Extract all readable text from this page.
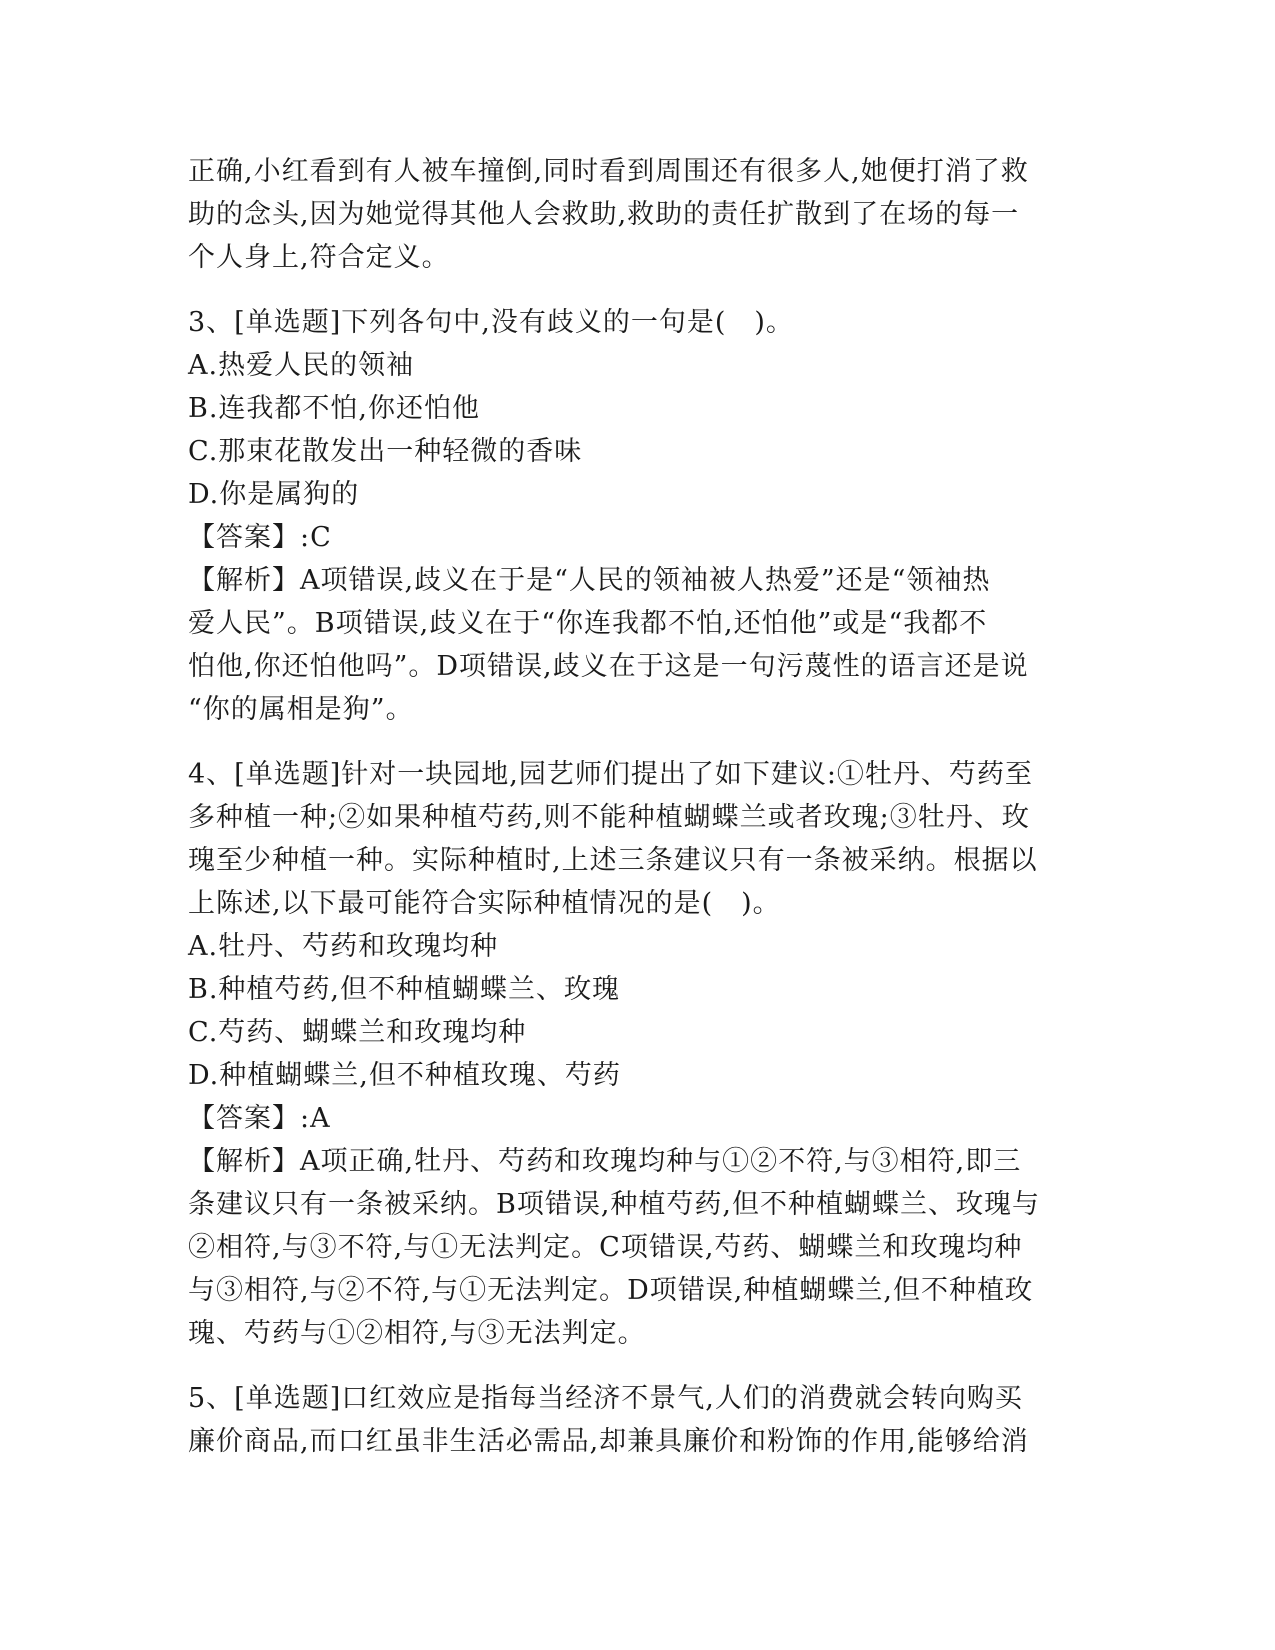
正确,小红看到有人被车撞倒,同时看到周围还有很多人,她便打消了救
助的念头,因为她觉得其他人会救助,救助的责任扩散到了在场的每一
个人身上,符合定义。

3、[单选题]下列各句中,没有歧义的一句是(　)。
A.热爱人民的领袖
B.连我都不怕,你还怕他
C.那束花散发出一种轻微的香味
D.你是属狗的
【答案】:C
【解析】A项错误,歧义在于是“人民的领袖被人热爱”还是“领袖热
爱人民”。B项错误,歧义在于“你连我都不怕,还怕他”或是“我都不
怕他,你还怕他吗”。D项错误,歧义在于这是一句污蔑性的语言还是说
“你的属相是狗”。
4、[单选题]针对一块园地,园艺师们提出了如下建议:①牡丹、芍药至
多种植一种;②如果种植芍药,则不能种植蝴蝶兰或者玫瑰;③牡丹、玫
瑰至少种植一种。实际种植时,上述三条建议只有一条被采纳。根据以
上陈述,以下最可能符合实际种植情况的是(　)。
A.牡丹、芍药和玫瑰均种
B.种植芍药,但不种植蝴蝶兰、玫瑰
C.芍药、蝴蝶兰和玫瑰均种
D.种植蝴蝶兰,但不种植玫瑰、芍药
【答案】:A
【解析】A项正确,牡丹、芍药和玫瑰均种与①②不符,与③相符,即三
条建议只有一条被采纳。B项错误,种植芍药,但不种植蝴蝶兰、玫瑰与
②相符,与③不符,与①无法判定。C项错误,芍药、蝴蝶兰和玫瑰均种
与③相符,与②不符,与①无法判定。D项错误,种植蝴蝶兰,但不种植玫
瑰、芍药与①②相符,与③无法判定。
5、[单选题]口红效应是指每当经济不景气,人们的消费就会转向购买
廉价商品,而口红虽非生活必需品,却兼具廉价和粉饰的作用,能够给消
